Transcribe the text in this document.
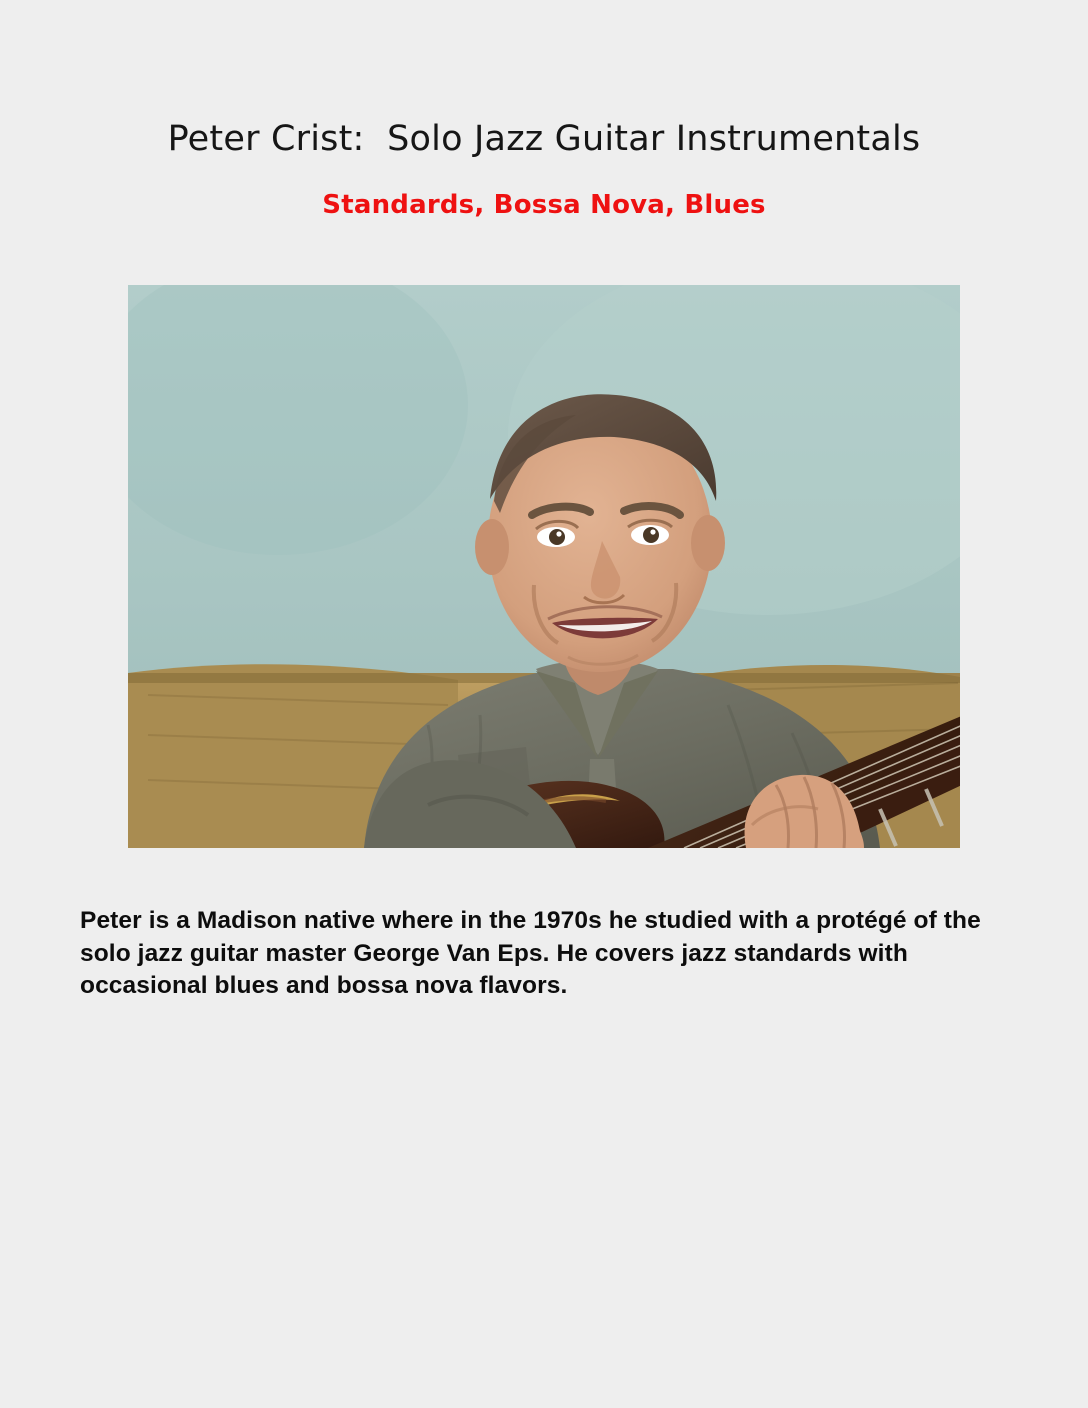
Peter Crist:  Solo Jazz Guitar Instrumentals
Standards, Bossa Nova, Blues
Peter is a Madison native where in the 1970s he studied with a protégé of the solo jazz guitar master George Van Eps. He covers jazz standards with occasional blues and bossa nova flavors.
